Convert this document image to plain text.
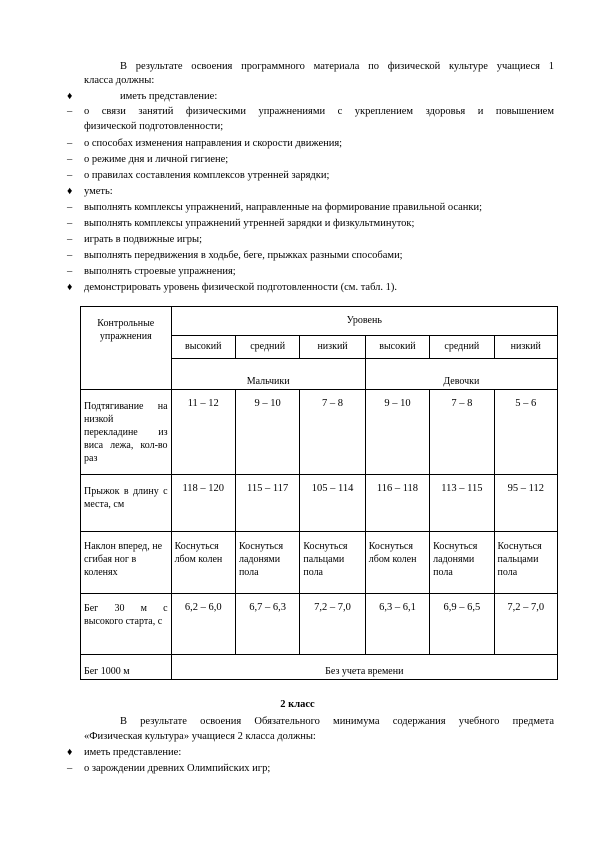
В результате освоения программного материала по физической культуре учащиеся 1
класса должны:
♦	иметь представление:
– о связи занятий физическими упражнениями с укреплением здоровья и повышением
физической подготовленности;
– о способах изменения направления и скорости движения;
– о режиме дня и личной гигиене;
– о правилах составления комплексов утренней зарядки;
♦ уметь:
– выполнять комплексы упражнений, направленные на формирование правильной осанки;
– выполнять комплексы упражнений утренней зарядки и физкультминуток;
– играть в подвижные игры;
– выполнять передвижения в ходьбе, беге, прыжках разными способами;
– выполнять строевые упражнения;
♦ демонстрировать уровень физической подготовленности (см. табл. 1).
Контрольные упражнения	Уровень					
	высокий	средний	низкий	высокий	средний	низкий
	Мальчики			Девочки		
Подтягивание на низкой перекладине из виса лежа, кол-во раз	11 – 12	9 – 10	7 – 8	9 – 10	7 – 8	5 – 6
Прыжок в длину с места, см	118 – 120	115 – 117	105 – 114	116 – 118	113 – 115	95 – 112
Наклон вперед, не сгибая ног в коленях	Коснуться лбом колен	Коснуться ладонями пола	Коснуться пальцами пола	Коснуться лбом колен	Коснуться ладонями пола	Коснуться пальцами пола
Бег 30 м с высокого старта, с	6,2 – 6,0	6,7 – 6,3	7,2 – 7,0	6,3 – 6,1	6,9 – 6,5	7,2 – 7,0
Бег 1000 м	Без учета времени					
2 класс
В результате освоения Обязательного минимума содержания учебного предмета
«Физическая культура» учащиеся 2 класса должны:
♦ иметь представление:
– о зарождении древних Олимпийских игр;
